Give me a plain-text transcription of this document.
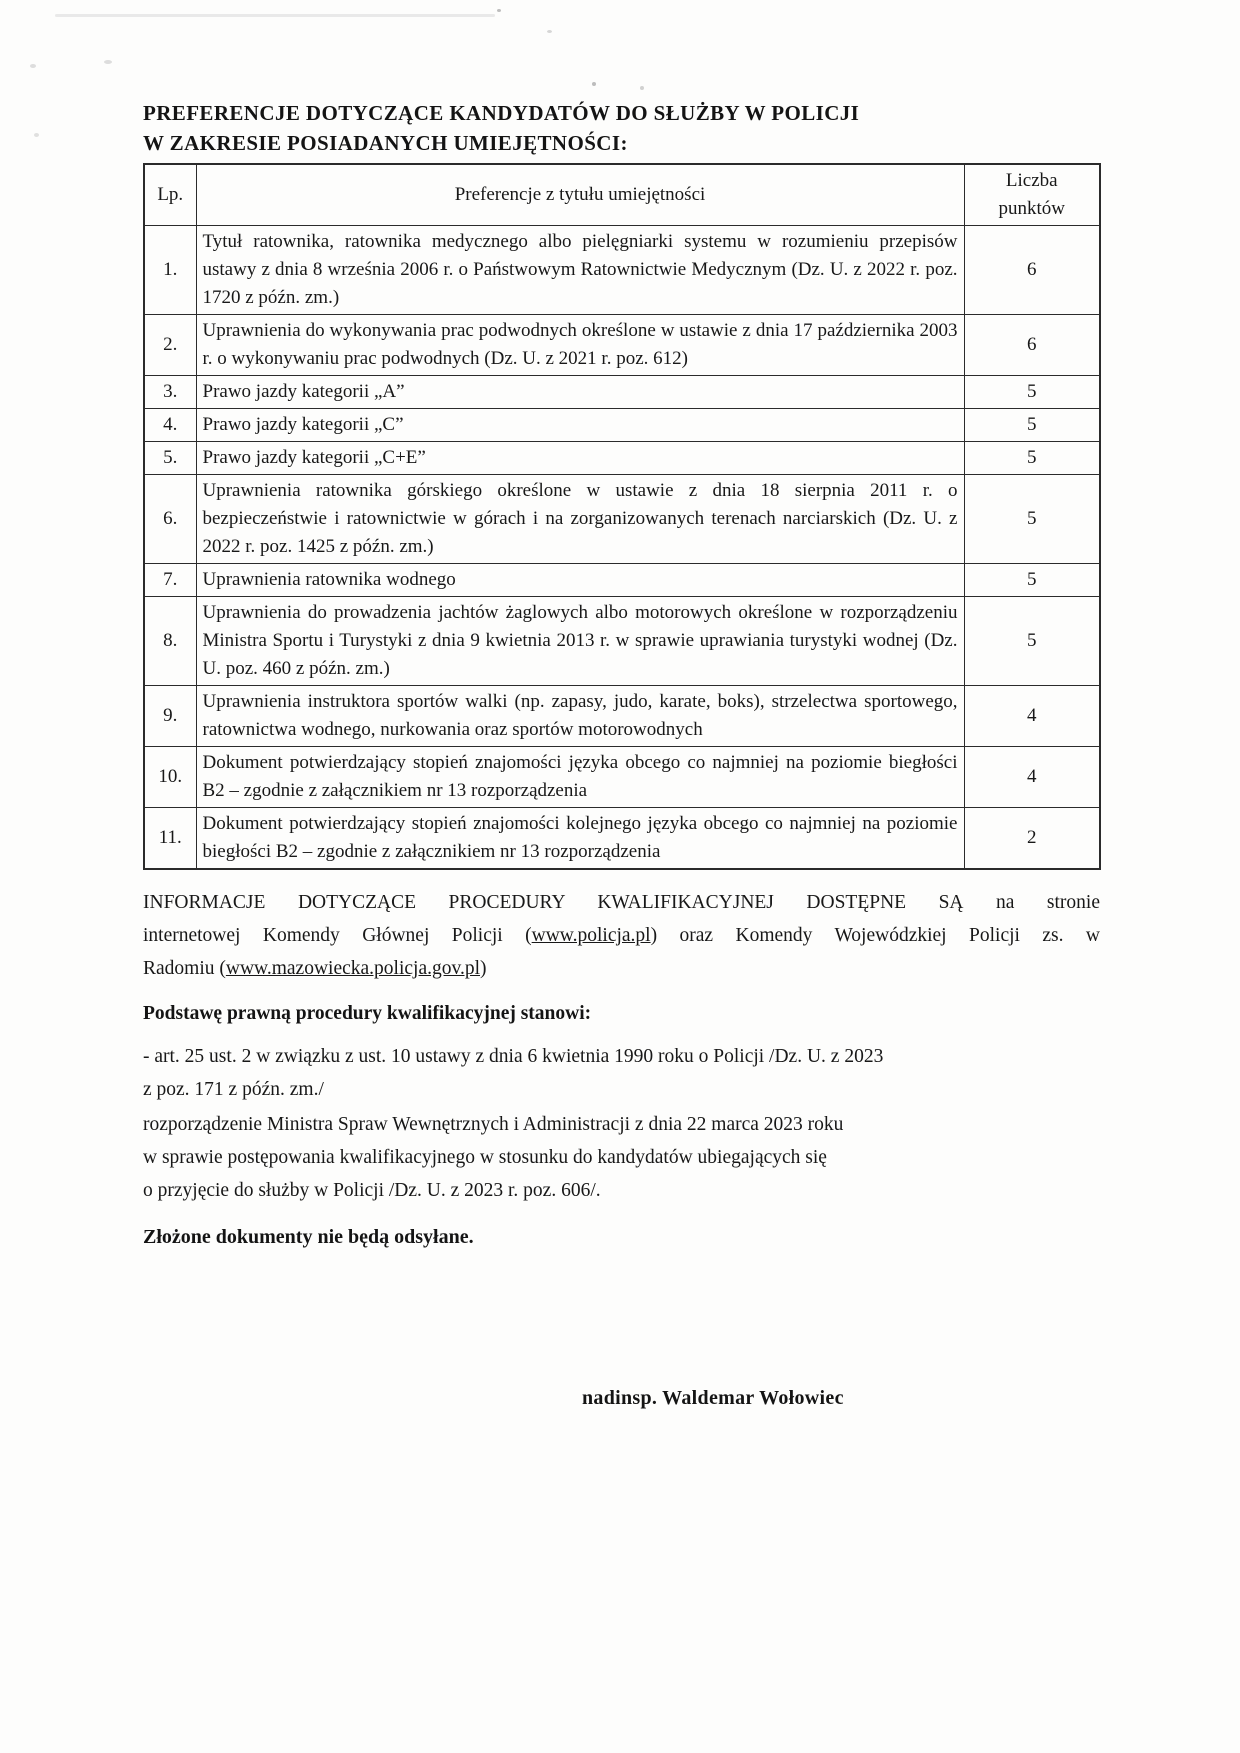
PREFERENCJE DOTYCZĄCE KANDYDATÓW DO SŁUŻBY W POLICJI
W ZAKRESIE POSIADANYCH UMIEJĘTNOŚCI:
Lp.	Preferencje z tytułu umiejętności	Liczba punktów
1.	Tytuł ratownika, ratownika medycznego albo pielęgniarki systemu w rozumieniu przepisów ustawy z dnia 8 września 2006 r. o Państwowym Ratownictwie Medycznym (Dz. U. z 2022 r. poz. 1720 z późn. zm.)	6
2.	Uprawnienia do wykonywania prac podwodnych określone w ustawie z dnia 17 października 2003 r. o wykonywaniu prac podwodnych (Dz. U. z 2021 r. poz. 612)	6
3.	Prawo jazdy kategorii „A”	5
4.	Prawo jazdy kategorii „C”	5
5.	Prawo jazdy kategorii „C+E”	5
6.	Uprawnienia ratownika górskiego określone w ustawie z dnia 18 sierpnia 2011 r. o bezpieczeństwie i ratownictwie w górach i na zorganizowanych terenach narciarskich (Dz. U. z 2022 r. poz. 1425 z późn. zm.)	5
7.	Uprawnienia ratownika wodnego	5
8.	Uprawnienia do prowadzenia jachtów żaglowych albo motorowych określone w rozporządzeniu Ministra Sportu i Turystyki z dnia 9 kwietnia 2013 r. w sprawie uprawiania turystyki wodnej (Dz. U. poz. 460 z późn. zm.)	5
9.	Uprawnienia instruktora sportów walki (np. zapasy, judo, karate, boks), strzelectwa sportowego, ratownictwa wodnego, nurkowania oraz sportów motorowodnych	4
10.	Dokument potwierdzający stopień znajomości języka obcego co najmniej na poziomie biegłości B2 – zgodnie z załącznikiem nr 13 rozporządzenia	4
11.	Dokument potwierdzający stopień znajomości kolejnego języka obcego co najmniej na poziomie biegłości B2 – zgodnie z załącznikiem nr 13 rozporządzenia	2
INFORMACJE DOTYCZĄCE PROCEDURY KWALIFIKACYJNEJ DOSTĘPNE SĄ na stronie
internetowej Komendy Głównej Policji (www.policja.pl) oraz Komendy Wojewódzkiej Policji zs. w
Radomiu (www.mazowiecka.policja.gov.pl)
Podstawę prawną procedury kwalifikacyjnej stanowi:
- art. 25 ust. 2 w związku z ust. 10 ustawy z dnia 6 kwietnia 1990 roku o Policji /Dz. U. z 2023
z poz. 171 z późn. zm./
rozporządzenie Ministra Spraw Wewnętrznych i Administracji z dnia 22 marca 2023 roku
w sprawie postępowania kwalifikacyjnego w stosunku do kandydatów ubiegających się
o przyjęcie do służby w Policji /Dz. U. z 2023 r. poz. 606/.
Złożone dokumenty nie będą odsyłane.
nadinsp. Waldemar Wołowiec
